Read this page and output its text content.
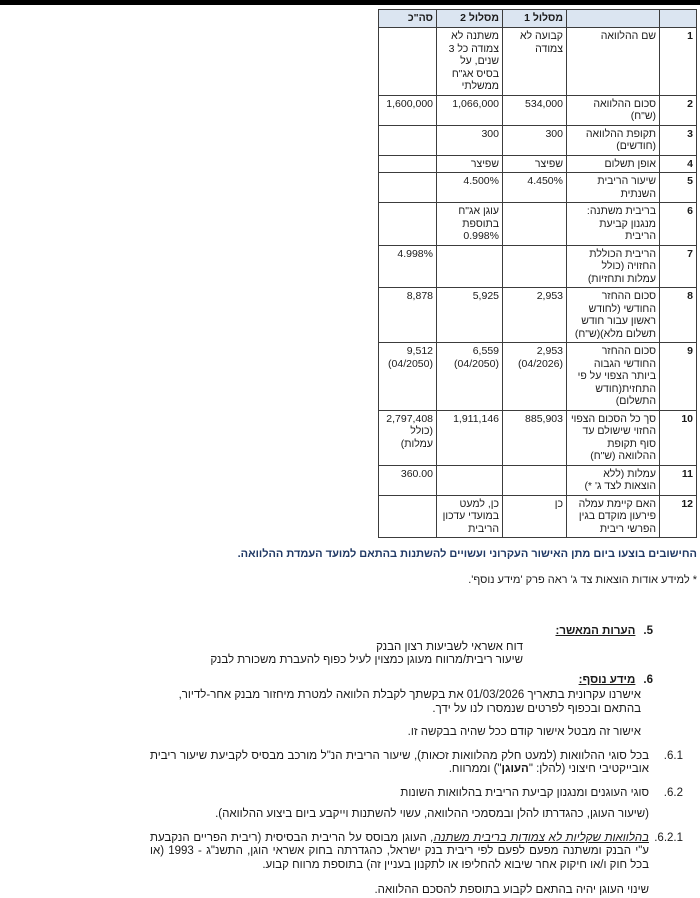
		מסלול 1	מסלול 2	סה"כ
1	שם ההלוואה	קבועה לא צמודה	משתנה לא צמודה כל 3 שנים, על בסיס אג"ח ממשלתי	
2	סכום ההלוואה (ש"ח)	534,000	1,066,000	1,600,000
3	תקופת ההלוואה (חודשים)	300	300	
4	אופן תשלום	שפיצר	שפיצר	
5	שיעור הריבית השנתית	4.450%	4.500%	
6	בריבית משתנה: מנגנון קביעת הריבית		עוגן אג"ח בתוספת 0.998%	
7	הריבית הכוללת החזויה (כולל עמלות ותחזיות)			4.998%
8	סכום ההחזר החודשי (לחודש ראשון עבור חודש תשלום מלא)(ש"ח)	2,953	5,925	8,878
9	סכום ההחזר החודשי הגבוה ביותר הצפוי על פי התחזית(חודש התשלום)	2,953 (04/2026)	6,559 (04/2050)	9,512 (04/2050)
10	סך כל הסכום הצפוי החזוי שישולם עד סוף תקופת ההלוואה (ש"ח)	885,903	1,911,146	2,797,408 (כולל עמלות)
11	עמלות (ללא הוצאות לצד ג' *)			360.00
12	האם קיימת עמלה פירעון מוקדם בגין הפרשי ריבית	כן	כן, למעט במועדי עדכון הריבית	
החישובים בוצעו ביום מתן האישור העקרוני ועשויים להשתנות בהתאם למועד העמדת ההלוואה.
* למידע אודות הוצאות צד ג' ראה פרק 'מידע נוסף'.
5.הערות המאשר:
דוח אשראי לשביעות רצון הבנק
שיעור ריבית/מרווח מעוגן כמצוין לעיל כפוף להעברת משכורת לבנק
6.מידע נוסף:
אישרנו עקרונית בתאריך 01/03/2026 את בקשתך לקבלת הלוואה למטרת מיחזור מבנק אחר-לדיור, בהתאם ובכפוף לפרטים שנמסרו לנו על ידך.
אישור זה מבטל אישור קודם ככל שהיה בבקשה זו.
6.1.
בכל סוגי ההלוואות (למעט חלק מהלוואות זכאות), שיעור הריבית הנ"ל מורכב מבסיס לקביעת שיעור ריבית אובייקטיבי חיצוני (להלן: "העוגן") וממרווח.
6.2.
סוגי העוגנים ומנגנון קביעת הריבית בהלוואות השונות
(שיעור העוגן, כהגדרתו להלן ובמסמכי ההלוואה, עשוי להשתנות וייקבע ביום ביצוע ההלוואה).
6.2.1.
בהלוואות שקליות לא צמודות בריבית משתנה, העוגן מבוסס על הריבית הבסיסית (ריבית הפריים הנקבעת ע"י הבנק ומשתנה מפעם לפעם לפי ריבית בנק ישראל, כהגדרתה בחוק אשראי הוגן, התשנ"ג - 1993 (או בכל חוק ו/או חיקוק אחר שיבוא להחליפו או לתקנון בעניין זה) בתוספת מרווח קבוע.
שינוי העוגן יהיה בהתאם לקבוע בתוספת להסכם ההלוואה.
